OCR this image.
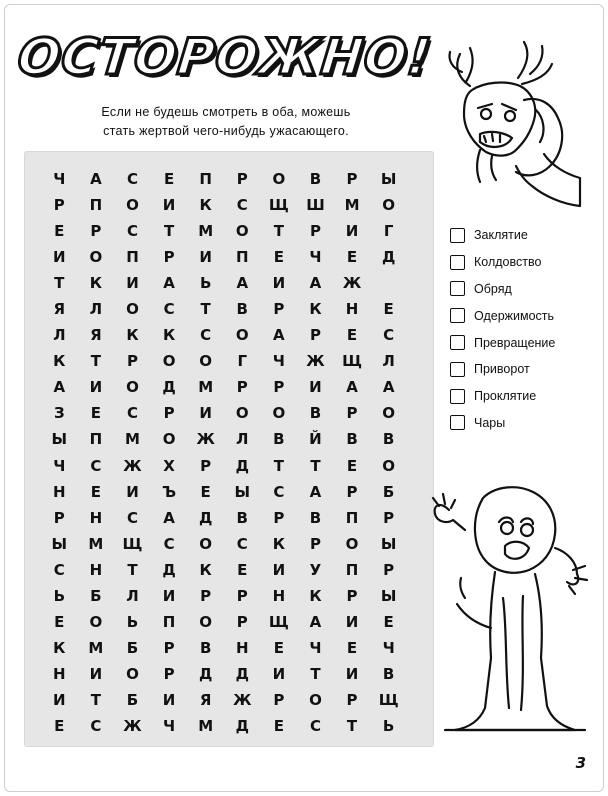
ОСТОРОЖНО!
Если не будешь смотреть в оба, можешь
стать жертвой чего-нибудь ужасающего.
Ч	А	С	Е	П	Р	О	В	Р	Ы
Р	П	О	И	К	С	Щ	Ш	М	О
Е	Р	С	Т	М	О	Т	Р	И	Г
И	О	П	Р	И	П	Е	Ч	Е	Д
Т	К	И	А	Ь	А	И	А	Ж
Я	Л	О	С	Т	В	Р	К	Н	Е
Л	Я	К	К	С	О	А	Р	Е	С
К	Т	Р	О	О	Г	Ч	Ж	Щ	Л
А	И	О	Д	М	Р	Р	И	А	А
З	Е	С	Р	И	О	О	В	Р	О
Ы	П	М	О	Ж	Л	В	Й	В	В
Ч	С	Ж	Х	Р	Д	Т	Т	Е	О
Н	Е	И	Ъ	Е	Ы	С	А	Р	Б
Р	Н	С	А	Д	В	Р	В	П	Р
Ы	М	Щ	С	О	С	К	Р	О	Ы
С	Н	Т	Д	К	Е	И	У	П	Р
Ь	Б	Л	И	Р	Р	Н	К	Р	Ы
Е	О	Ь	П	О	Р	Щ	А	И	Е
К	М	Б	Р	В	Н	Е	Ч	Е	Ч
Н	И	О	Р	Д	Д	И	Т	И	В
И	Т	Б	И	Я	Ж	Р	О	Р	Щ
Е	С	Ж	Ч	М	Д	Е	С	Т	Ь
Заклятие
Колдовство
Обряд
Одержимость
Превращение
Приворот
Проклятие
Чары
3
